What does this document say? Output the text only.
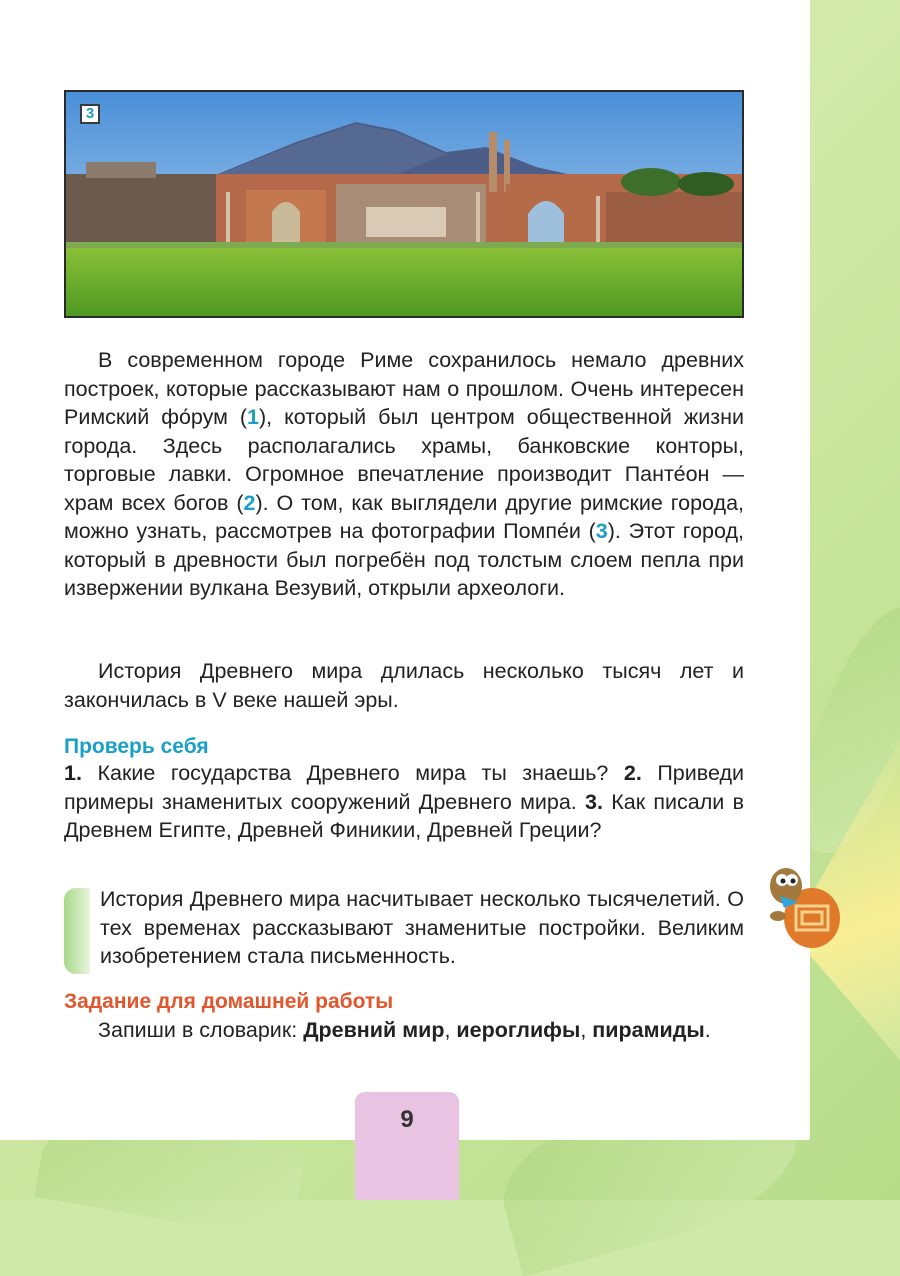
3

В современном городе Риме сохранилось немало древних построек, которые рассказывают нам о прошлом. Очень интересен Римский фо́рум (1), который был центром общественной жизни города. Здесь располагались храмы, банковские конторы, торговые лавки. Огромное впечатление производит Панте́он — храм всех богов (2). О том, как выглядели другие римские города, можно узнать, рассмотрев на фотографии Помпе́и (3). Этот город, который в древности был погребён под толстым слоем пепла при извержении вулкана Везувий, открыли археологи.

История Древнего мира длилась несколько тысяч лет и закончилась в V веке нашей эры.

Проверь себя

1. Какие государства Древнего мира ты знаешь? 2. Приведи примеры знаменитых сооружений Древнего мира. 3. Как писали в Древнем Египте, Древней Финикии, Древней Греции?

История Древнего мира насчитывает несколько тысячелетий. О тех временах рассказывают знаменитые постройки. Великим изобретением стала письменность.
Задание для домашней работы

Запиши в словарик: Древний мир, иероглифы, пирамиды.

9
